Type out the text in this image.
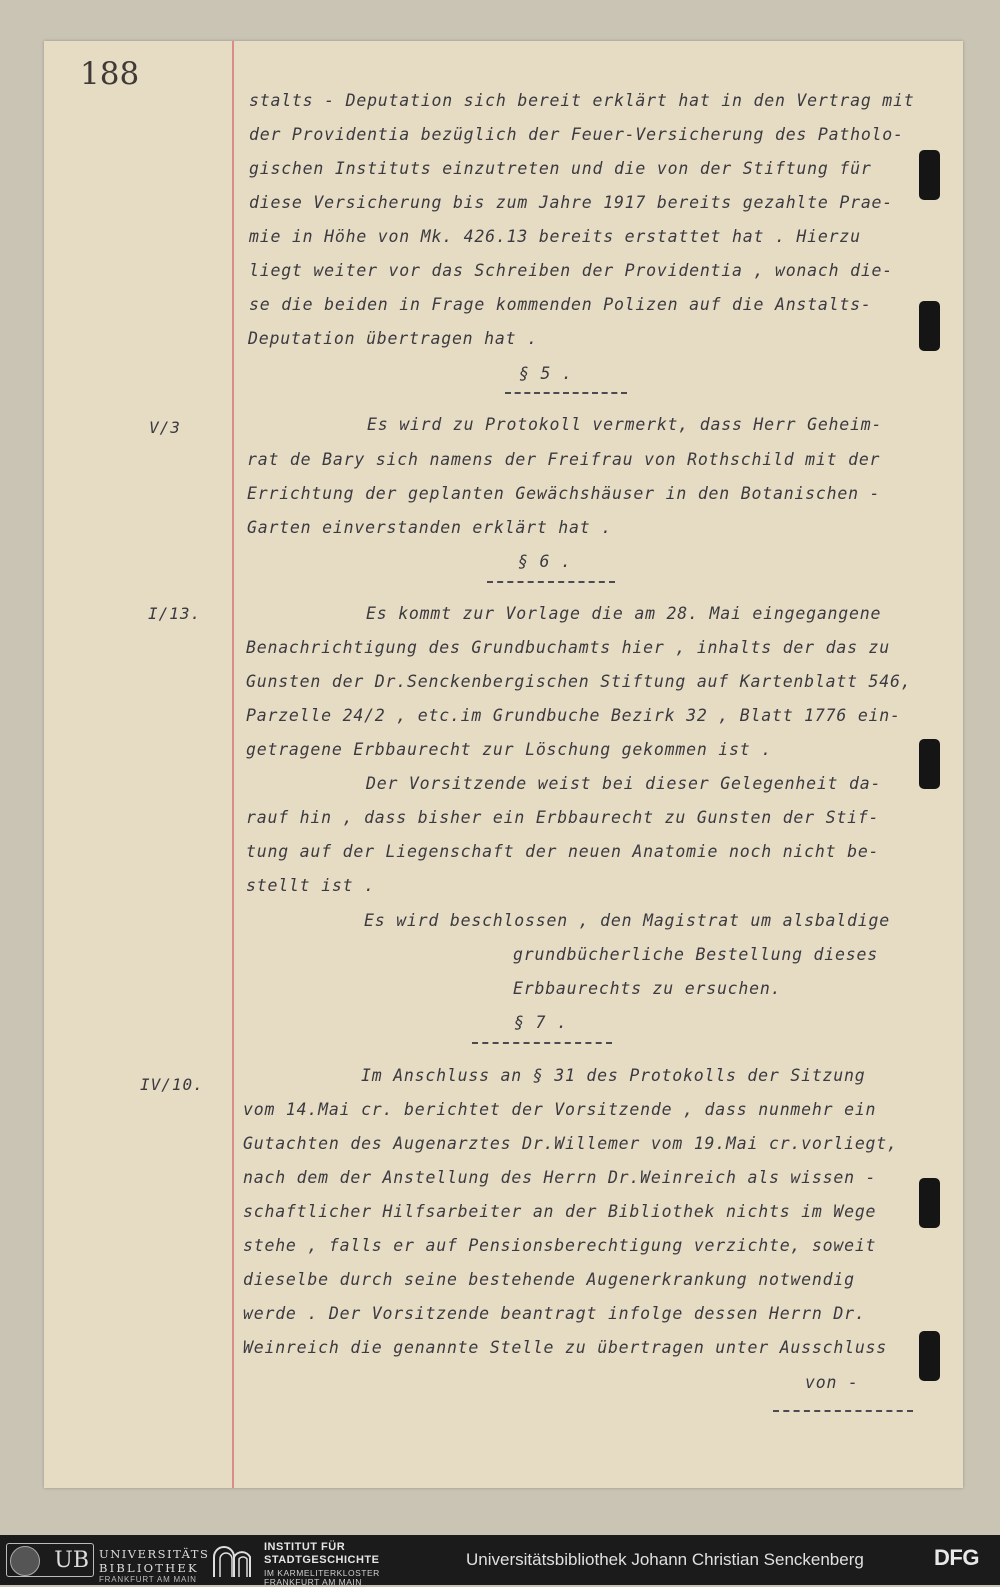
188
V/3
I/13.
IV/10.
stalts - Deputation sich bereit erklärt hat in den Vertrag mit
der Providentia bezüglich der Feuer-Versicherung des Patholo-
gischen Instituts einzutreten und die von der Stiftung für
diese Versicherung bis zum Jahre 1917 bereits gezahlte Prae-
mie in Höhe von Mk. 426.13 bereits erstattet hat . Hierzu
liegt weiter vor das Schreiben der Providentia , wonach die-
se die beiden in Frage kommenden Polizen auf die Anstalts-
Deputation übertragen hat .
§ 5 .
Es wird zu Protokoll vermerkt, dass Herr Geheim-
rat de Bary sich namens der Freifrau von Rothschild mit der
Errichtung der geplanten Gewächshäuser in den Botanischen -
Garten einverstanden erklärt hat .
§ 6 .
Es kommt zur Vorlage die am 28. Mai eingegangene
Benachrichtigung des Grundbuchamts hier , inhalts der das zu
Gunsten der Dr.Senckenbergischen Stiftung auf Kartenblatt 546,
Parzelle 24/2 , etc.im Grundbuche Bezirk 32 , Blatt 1776 ein-
getragene Erbbaurecht zur Löschung gekommen ist .
Der Vorsitzende weist bei dieser Gelegenheit da-
rauf hin , dass bisher ein Erbbaurecht zu Gunsten der Stif-
tung auf der Liegenschaft der neuen Anatomie noch nicht be-
stellt ist .
Es wird beschlossen , den Magistrat um alsbaldige
grundbücherliche Bestellung dieses
Erbbaurechts zu ersuchen.
§ 7 .
Im Anschluss an § 31 des Protokolls der Sitzung
vom 14.Mai cr. berichtet der Vorsitzende , dass nunmehr ein
Gutachten des Augenarztes Dr.Willemer vom 19.Mai cr.vorliegt,
nach dem der Anstellung des Herrn Dr.Weinreich als wissen -
schaftlicher Hilfsarbeiter an der Bibliothek nichts im Wege
stehe , falls er auf Pensionsberechtigung verzichte, soweit
dieselbe durch seine bestehende Augenerkrankung notwendig
werde . Der Vorsitzende beantragt infolge dessen Herrn Dr.
Weinreich die genannte Stelle zu übertragen unter Ausschluss
von -
UB UNIVERSITÄTS
BIBLIOTHEK
FRANKFURT AM MAIN
INSTITUT FÜR
STADTGESCHICHTE
IM KARMELITERKLOSTER
FRANKFURT AM MAIN
Universitätsbibliothek Johann Christian Senckenberg	DFG
